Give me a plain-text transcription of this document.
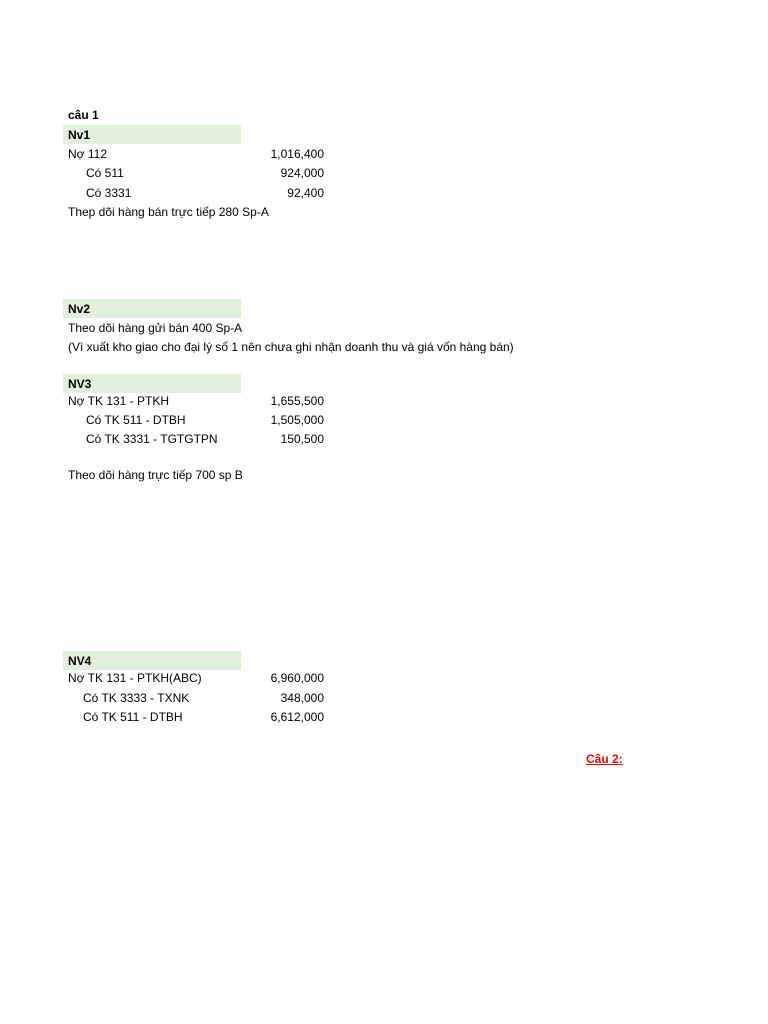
câu 1
Nv1
Nợ 112	1,016,400
Có 511	924,000
Có 3331	92,400
Thep dõi hàng bán trực tiếp 280 Sp-A
Nv2
Theo dõi hàng gửi bán 400 Sp-A
(Vì xuất kho giao cho đại lý số 1 nên chưa ghi nhận doanh thu và giá vốn hàng bán)
NV3
Nợ TK 131 - PTKH	1,655,500
Có TK 511 - DTBH	1,505,000
Có TK 3331 - TGTGTPN	150,500
Theo dõi hàng trực tiếp 700 sp B
NV4
Nợ TK 131 - PTKH(ABC)	6,960,000
Có TK 3333 - TXNK	348,000
Có TK 511 - DTBH	6,612,000
Câu 2:
